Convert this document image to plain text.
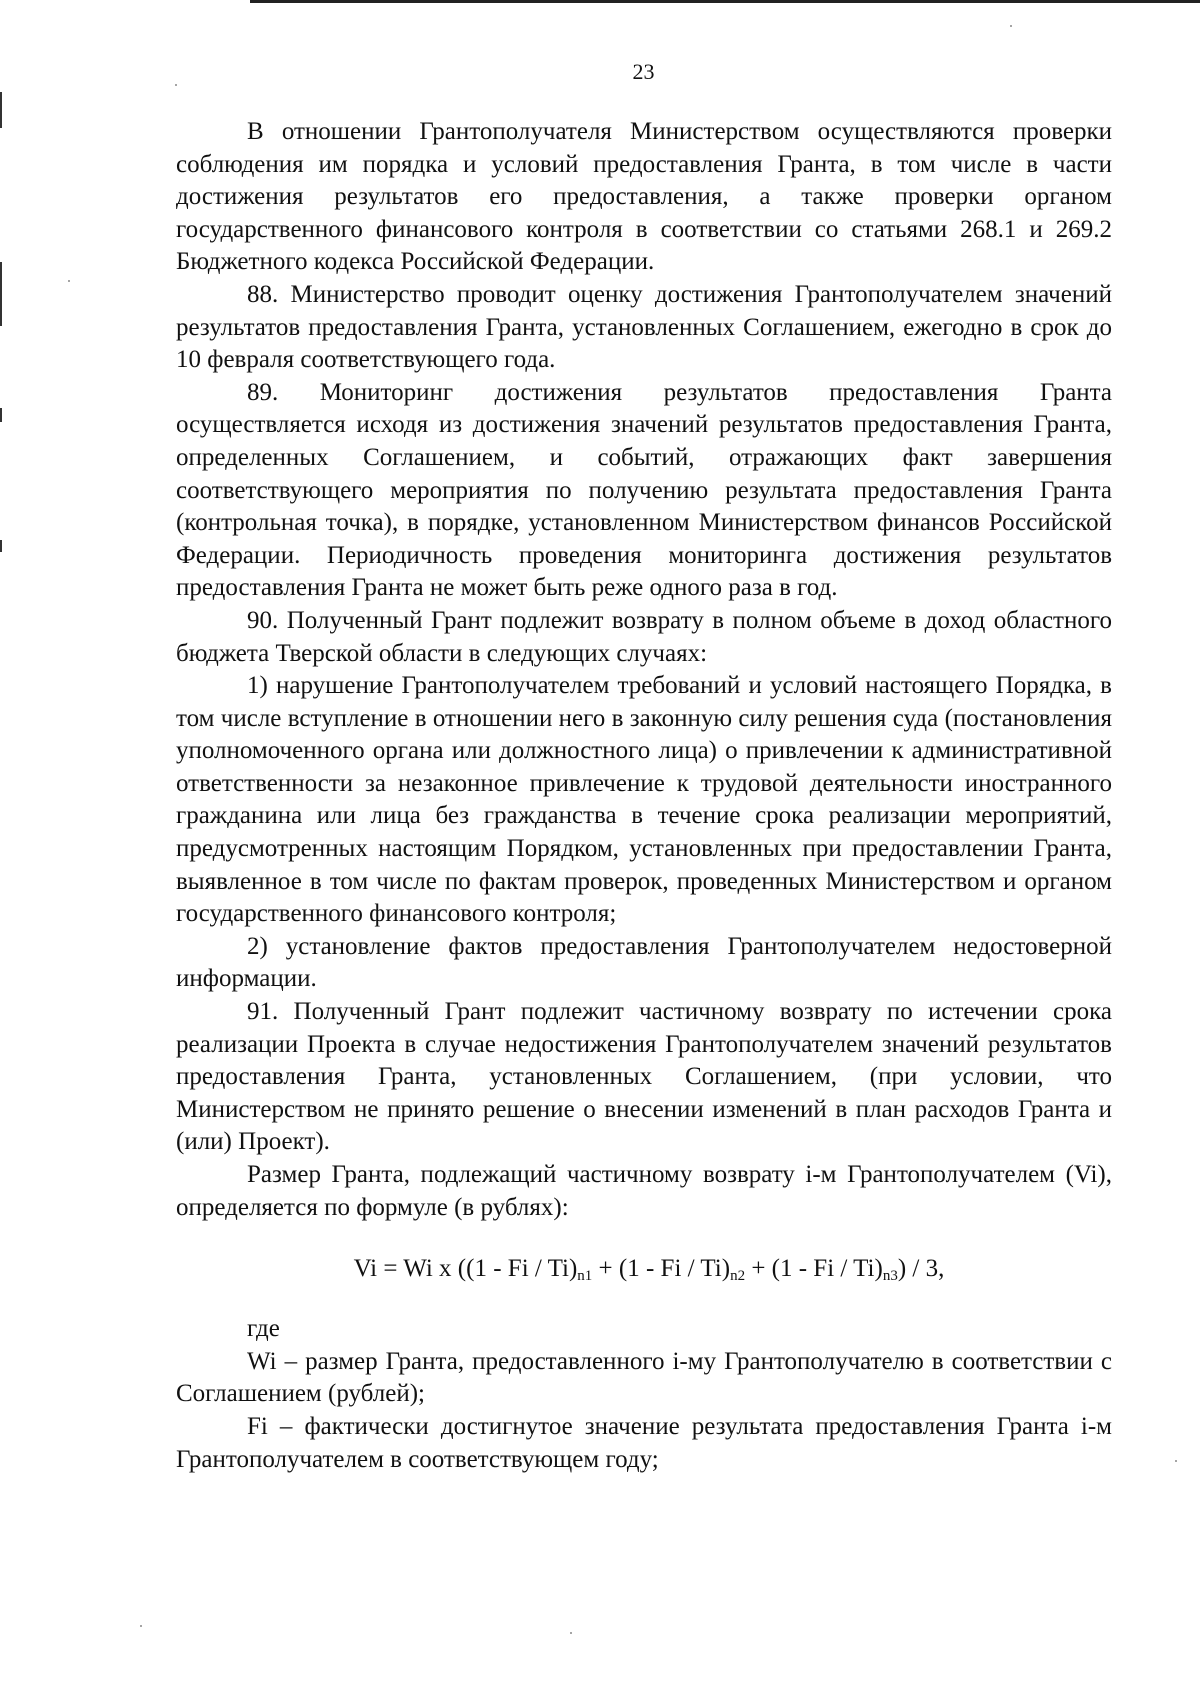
23

В отношении Грантополучателя Министерством осуществляются проверки соблюдения им порядка и условий предоставления Гранта, в том числе в части достижения результатов его предоставления, а также проверки органом государственного финансового контроля в соответствии со статьями 268.1 и 269.2 Бюджетного кодекса Российской Федерации.

88. Министерство проводит оценку достижения Грантополучателем значений результатов предоставления Гранта, установленных Соглашением, ежегодно в срок до 10 февраля соответствующего года.

89. Мониторинг достижения результатов предоставления Гранта осуществляется исходя из достижения значений результатов предоставления Гранта, определенных Соглашением, и событий, отражающих факт завершения соответствующего мероприятия по получению результата предоставления Гранта (контрольная точка), в порядке, установленном Министерством финансов Российской Федерации. Периодичность проведения мониторинга достижения результатов предоставления Гранта не может быть реже одного раза в год.

90. Полученный Грант подлежит возврату в полном объеме в доход областного бюджета Тверской области в следующих случаях:

1) нарушение Грантополучателем требований и условий настоящего Порядка, в том числе вступление в отношении него в законную силу решения суда (постановления уполномоченного органа или должностного лица) о привлечении к административной ответственности за незаконное привлечение к трудовой деятельности иностранного гражданина или лица без гражданства в течение срока реализации мероприятий, предусмотренных настоящим Порядком, установленных при предоставлении Гранта, выявленное в том числе по фактам проверок, проведенных Министерством и органом государственного финансового контроля;

2) установление фактов предоставления Грантополучателем недостоверной информации.

91. Полученный Грант подлежит частичному возврату по истечении срока реализации Проекта в случае недостижения Грантополучателем значений результатов предоставления Гранта, установленных Соглашением, (при условии, что Министерством не принято решение о внесении изменений в план расходов Гранта и (или) Проект).

Размер Гранта, подлежащий частичному возврату i-м Грантополучателем (Vi), определяется по формуле (в рублях):

Vi = Wi x $((1 - Fi / Ti)_{n1} + (1 - Fi / Ti)_{n2} + (1 - Fi / Ti)_{n3}) / 3$,

где

Wi – размер Гранта, предоставленного i-му Грантополучателю в соответствии с Соглашением (рублей);

Fi – фактически достигнутое значение результата предоставления Гранта i-м Грантополучателем в соответствующем году;
